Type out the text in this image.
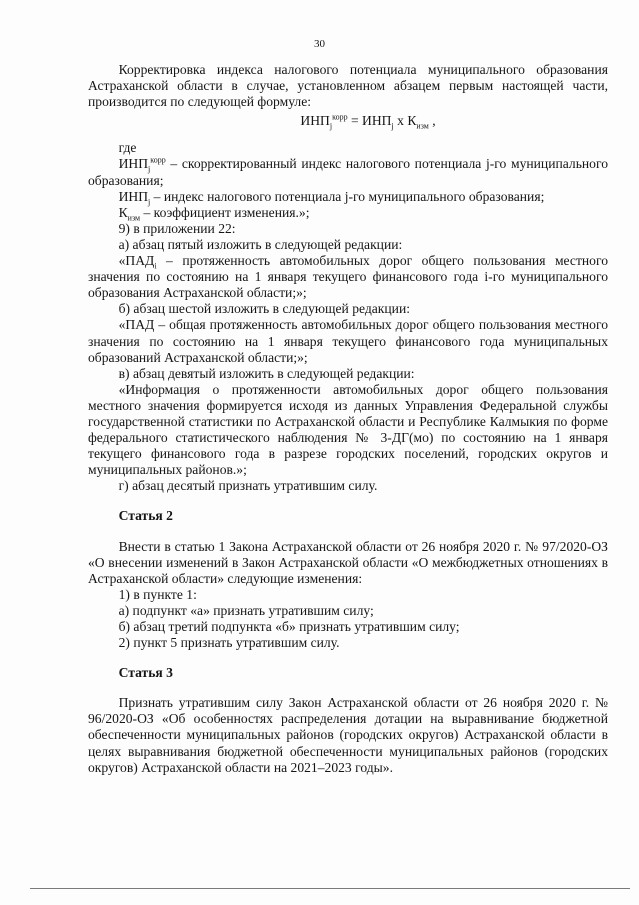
30

Корректировка индекса налогового потенциала муниципального образования Астраханской области в случае, установленном абзацем первым настоящей части, производится по следующей формуле:

$ИНП_j^{корр} = ИНП_j$ х $К_{изм}$ ,

где

$ИНП_j^{корр}$ – скорректированный индекс налогового потенциала j-го муниципального образования;

$ИНП_j$ – индекс налогового потенциала j-го муниципального образования;

$К_{изм}$ – коэффициент изменения.»;

9) в приложении 22:

а) абзац пятый изложить в следующей редакции:

«$ПАД_i$ – протяженность автомобильных дорог общего пользования местного значения по состоянию на 1 января текущего финансового года i-го муниципального образования Астраханской области;»;

б) абзац шестой изложить в следующей редакции:

«ПАД – общая протяженность автомобильных дорог общего пользования местного значения по состоянию на 1 января текущего финансового года муниципальных образований Астраханской области;»;

в) абзац девятый изложить в следующей редакции:

«Информация о протяженности автомобильных дорог общего пользования местного значения формируется исходя из данных Управления Федеральной службы государственной статистики по Астраханской области и Республике Калмыкия по форме федерального статистического наблюдения № 3-ДГ(мо) по состоянию на 1 января текущего финансового года в разрезе городских поселений, городских округов и муниципальных районов.»;

г) абзац десятый признать утратившим силу.

Статья 2

Внести в статью 1 Закона Астраханской области от 26 ноября 2020 г. № 97/2020-ОЗ «О внесении изменений в Закон Астраханской области «О межбюджетных отношениях в Астраханской области» следующие изменения:

1) в пункте 1:

а) подпункт «а» признать утратившим силу;

б) абзац третий подпункта «б» признать утратившим силу;

2) пункт 5 признать утратившим силу.

Статья 3

Признать утратившим силу Закон Астраханской области от 26 ноября 2020 г. № 96/2020-ОЗ «Об особенностях распределения дотации на выравнивание бюджетной обеспеченности муниципальных районов (городских округов) Астраханской области в целях выравнивания бюджетной обеспеченности муниципальных районов (городских округов) Астраханской области на 2021–2023 годы».
